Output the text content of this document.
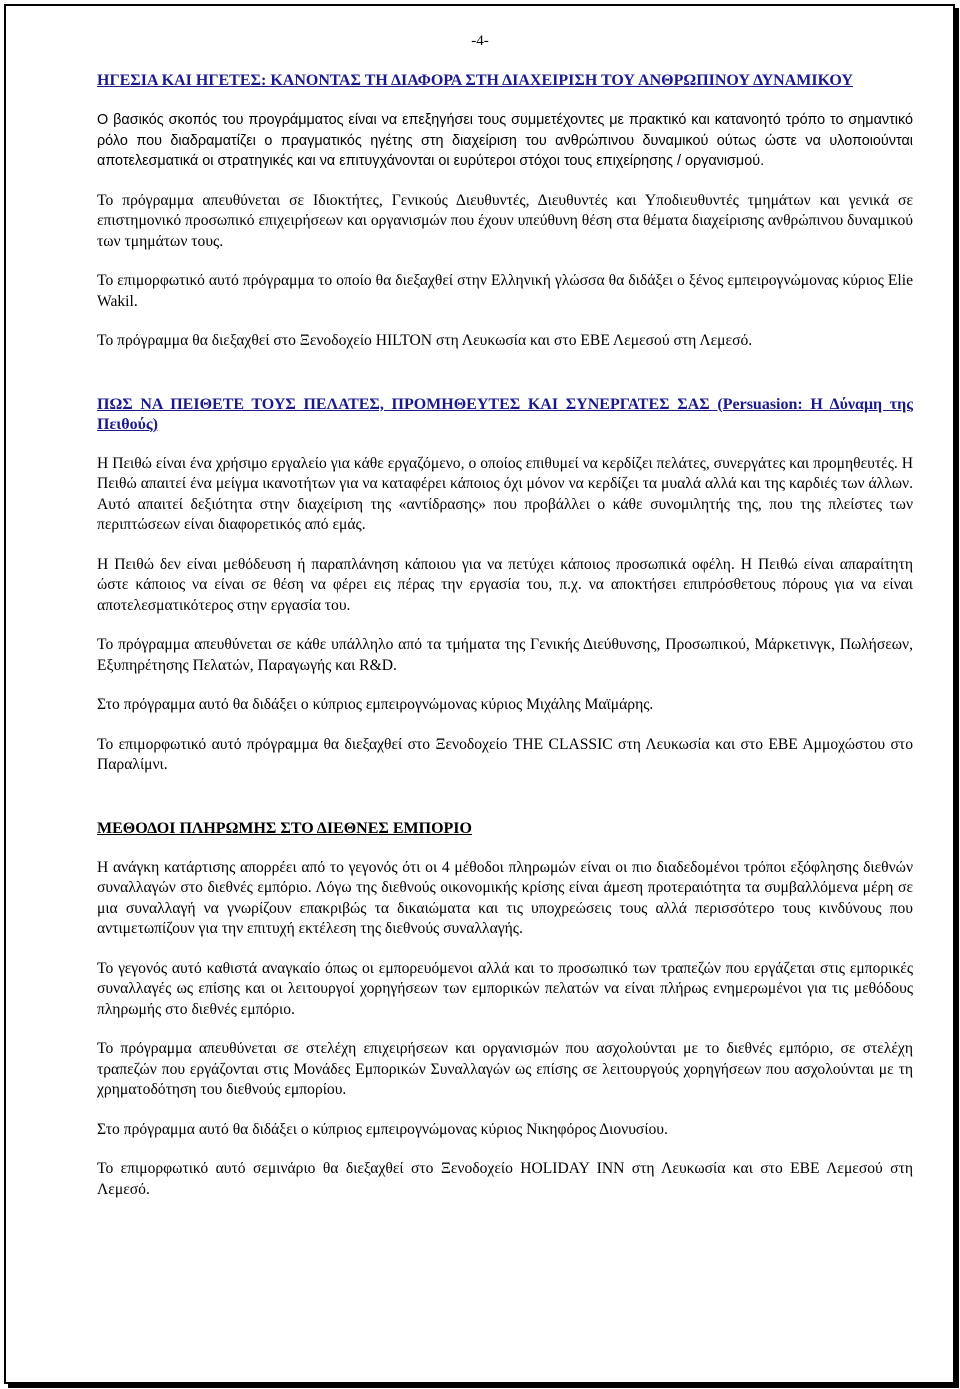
-4-

ΗΓΕΣΙΑ ΚΑΙ ΗΓΕΤΕΣ: ΚΑΝΟΝΤΑΣ ΤΗ ΔΙΑΦΟΡΑ ΣΤΗ ΔΙΑΧΕΙΡΙΣΗ ΤΟΥ ΑΝΘΡΩΠΙΝΟΥ ΔΥΝΑΜΙΚΟΥ

Ο βασικός σκοπός του προγράμματος είναι να επεξηγήσει τους συμμετέχοντες με πρακτικό και κατανοητό τρόπο το σημαντικό ρόλο που διαδραματίζει ο πραγματικός ηγέτης στη διαχείριση του ανθρώπινου δυναμικού ούτως ώστε να υλοποιούνται αποτελεσματικά οι στρατηγικές και να επιτυγχάνονται οι ευρύτεροι στόχοι τους επιχείρησης / οργανισμού.

Το πρόγραμμα απευθύνεται σε Ιδιοκτήτες, Γενικούς Διευθυντές, Διευθυντές και Υποδιευθυντές τμημάτων και γενικά σε επιστημονικό προσωπικό επιχειρήσεων και οργανισμών που έχουν υπεύθυνη θέση στα θέματα διαχείρισης ανθρώπινου δυναμικού των τμημάτων τους.

Το επιμορφωτικό αυτό πρόγραμμα το οποίο θα διεξαχθεί στην Ελληνική γλώσσα θα διδάξει ο ξένος εμπειρογνώμονας κύριος Elie Wakil.

Το πρόγραμμα θα διεξαχθεί στο Ξενοδοχείο HILTON στη Λευκωσία και στο ΕΒΕ Λεμεσού στη Λεμεσό.

ΠΩΣ ΝΑ ΠΕΙΘΕΤΕ ΤΟΥΣ ΠΕΛΑΤΕΣ, ΠΡΟΜΗΘΕΥΤΕΣ ΚΑΙ ΣΥΝΕΡΓΑΤΕΣ ΣΑΣ (Persuasion: Η Δύναμη της Πειθούς)

Η Πειθώ είναι ένα χρήσιμο εργαλείο για κάθε εργαζόμενο, ο οποίος επιθυμεί να κερδίζει πελάτες, συνεργάτες και προμηθευτές. Η Πειθώ απαιτεί ένα μείγμα ικανοτήτων για να καταφέρει κάποιος όχι μόνον να κερδίζει τα μυαλά αλλά και της καρδιές των άλλων. Αυτό απαιτεί δεξιότητα στην διαχείριση της «αντίδρασης» που προβάλλει ο κάθε συνομιλητής της, που της πλείστες των περιπτώσεων είναι διαφορετικός από εμάς.

Η Πειθώ δεν είναι μεθόδευση ή παραπλάνηση κάποιου για να πετύχει κάποιος προσωπικά οφέλη. Η Πειθώ είναι απαραίτητη ώστε κάποιος να είναι σε θέση να φέρει εις πέρας την εργασία του, π.χ. να αποκτήσει επιπρόσθετους πόρους για να είναι αποτελεσματικότερος στην εργασία του.

Το πρόγραμμα απευθύνεται σε κάθε υπάλληλο από τα τμήματα της Γενικής Διεύθυνσης, Προσωπικού, Μάρκετινγκ, Πωλήσεων, Εξυπηρέτησης Πελατών, Παραγωγής και R&D.

Στο πρόγραμμα αυτό θα διδάξει ο κύπριος εμπειρογνώμονας κύριος Μιχάλης Μαϊμάρης.

Το επιμορφωτικό αυτό πρόγραμμα θα διεξαχθεί στο Ξενοδοχείο THE CLASSIC στη Λευκωσία και στο ΕΒΕ Αμμοχώστου στο Παραλίμνι.

ΜΕΘΟΔΟΙ ΠΛΗΡΩΜΗΣ ΣΤΟ ΔΙΕΘΝΕΣ ΕΜΠΟΡΙΟ

Η ανάγκη κατάρτισης απορρέει από το γεγονός ότι οι 4 μέθοδοι πληρωμών είναι οι πιο διαδεδομένοι τρόποι εξόφλησης διεθνών συναλλαγών στο διεθνές εμπόριο. Λόγω της διεθνούς οικονομικής κρίσης είναι άμεση προτεραιότητα τα συμβαλλόμενα μέρη σε μια συναλλαγή να γνωρίζουν επακριβώς τα δικαιώματα και τις υποχρεώσεις τους αλλά περισσότερο τους κινδύνους που αντιμετωπίζουν για την επιτυχή εκτέλεση της διεθνούς συναλλαγής.

Το γεγονός αυτό καθιστά αναγκαίο όπως οι εμπορευόμενοι αλλά και το προσωπικό των τραπεζών που εργάζεται στις εμπορικές συναλλαγές ως επίσης και οι λειτουργοί χορηγήσεων των εμπορικών πελατών να είναι πλήρως ενημερωμένοι για τις μεθόδους πληρωμής στο διεθνές εμπόριο.

Το πρόγραμμα απευθύνεται σε στελέχη επιχειρήσεων και οργανισμών που ασχολούνται με το διεθνές εμπόριο, σε στελέχη τραπεζών που εργάζονται στις Μονάδες Εμπορικών Συναλλαγών ως επίσης σε λειτουργούς χορηγήσεων που ασχολούνται με τη χρηματοδότηση του διεθνούς εμπορίου.

Στο πρόγραμμα αυτό θα διδάξει ο κύπριος εμπειρογνώμονας κύριος Νικηφόρος Διονυσίου.

Το επιμορφωτικό αυτό σεμινάριο θα διεξαχθεί στο Ξενοδοχείο HOLIDAY INN στη Λευκωσία και στο ΕΒΕ Λεμεσού στη Λεμεσό.
